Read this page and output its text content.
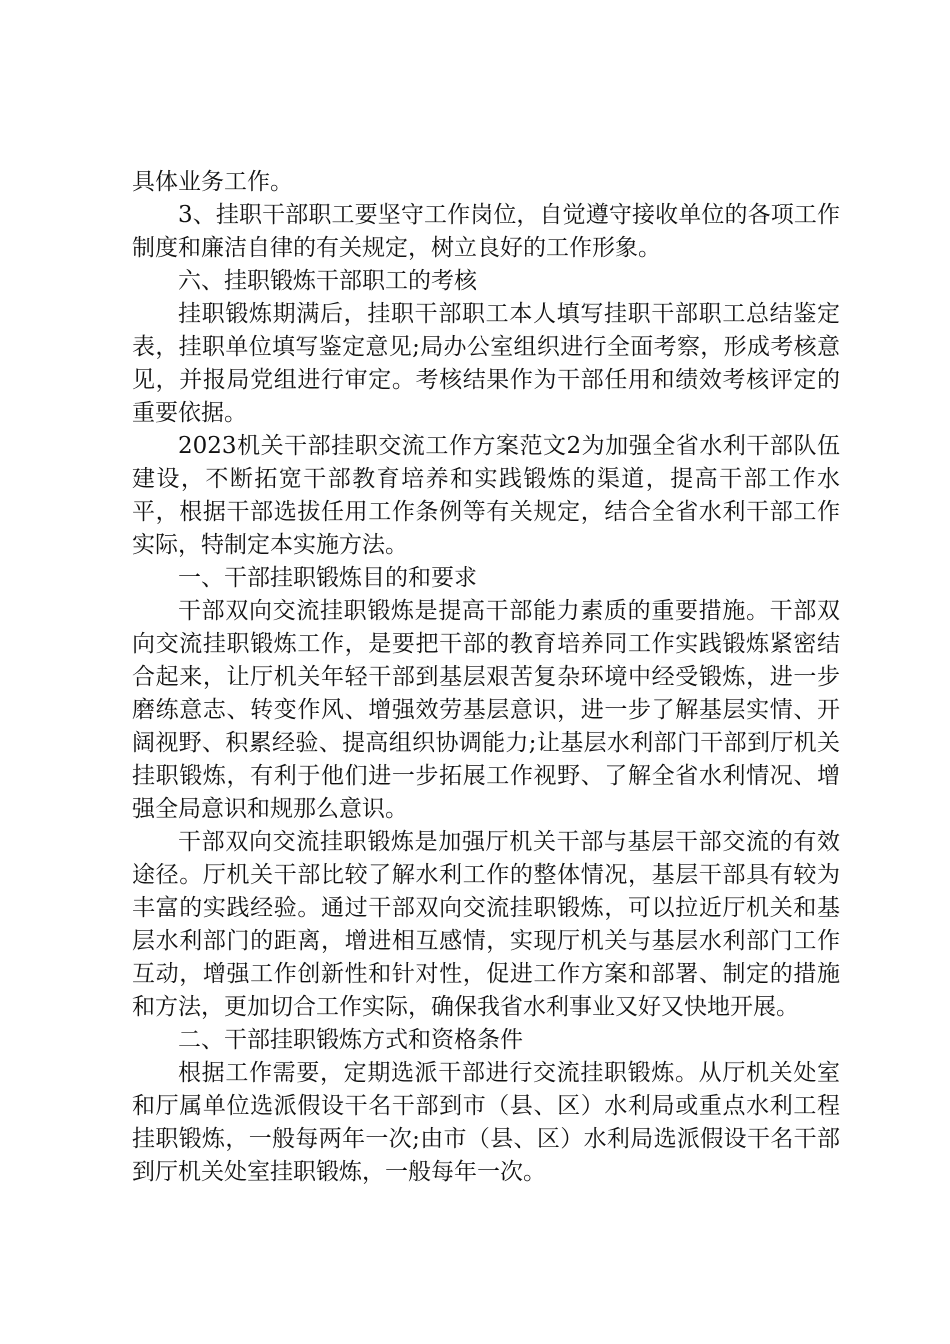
具体业务工作。

3、挂职干部职工要坚守工作岗位，自觉遵守接收单位的各项工作制度和廉洁自律的有关规定，树立良好的工作形象。

六、挂职锻炼干部职工的考核

挂职锻炼期满后，挂职干部职工本人填写挂职干部职工总结鉴定表，挂职单位填写鉴定意见;局办公室组织进行全面考察，形成考核意见，并报局党组进行审定。考核结果作为干部任用和绩效考核评定的重要依据。

2023机关干部挂职交流工作方案范文2为加强全省水利干部队伍建设，不断拓宽干部教育培养和实践锻炼的渠道，提高干部工作水平，根据干部选拔任用工作条例等有关规定，结合全省水利干部工作实际，特制定本实施方法。

一、干部挂职锻炼目的和要求

干部双向交流挂职锻炼是提高干部能力素质的重要措施。干部双向交流挂职锻炼工作，是要把干部的教育培养同工作实践锻炼紧密结合起来，让厅机关年轻干部到基层艰苦复杂环境中经受锻炼，进一步磨练意志、转变作风、增强效劳基层意识，进一步了解基层实情、开阔视野、积累经验、提高组织协调能力;让基层水利部门干部到厅机关挂职锻炼，有利于他们进一步拓展工作视野、了解全省水利情况、增强全局意识和规那么意识。

干部双向交流挂职锻炼是加强厅机关干部与基层干部交流的有效途径。厅机关干部比较了解水利工作的整体情况，基层干部具有较为丰富的实践经验。通过干部双向交流挂职锻炼，可以拉近厅机关和基层水利部门的距离，增进相互感情，实现厅机关与基层水利部门工作互动，增强工作创新性和针对性，促进工作方案和部署、制定的措施和方法，更加切合工作实际，确保我省水利事业又好又快地开展。

二、干部挂职锻炼方式和资格条件

根据工作需要，定期选派干部进行交流挂职锻炼。从厅机关处室和厅属单位选派假设干名干部到市（县、区）水利局或重点水利工程挂职锻炼，一般每两年一次;由市（县、区）水利局选派假设干名干部到厅机关处室挂职锻炼，一般每年一次。
